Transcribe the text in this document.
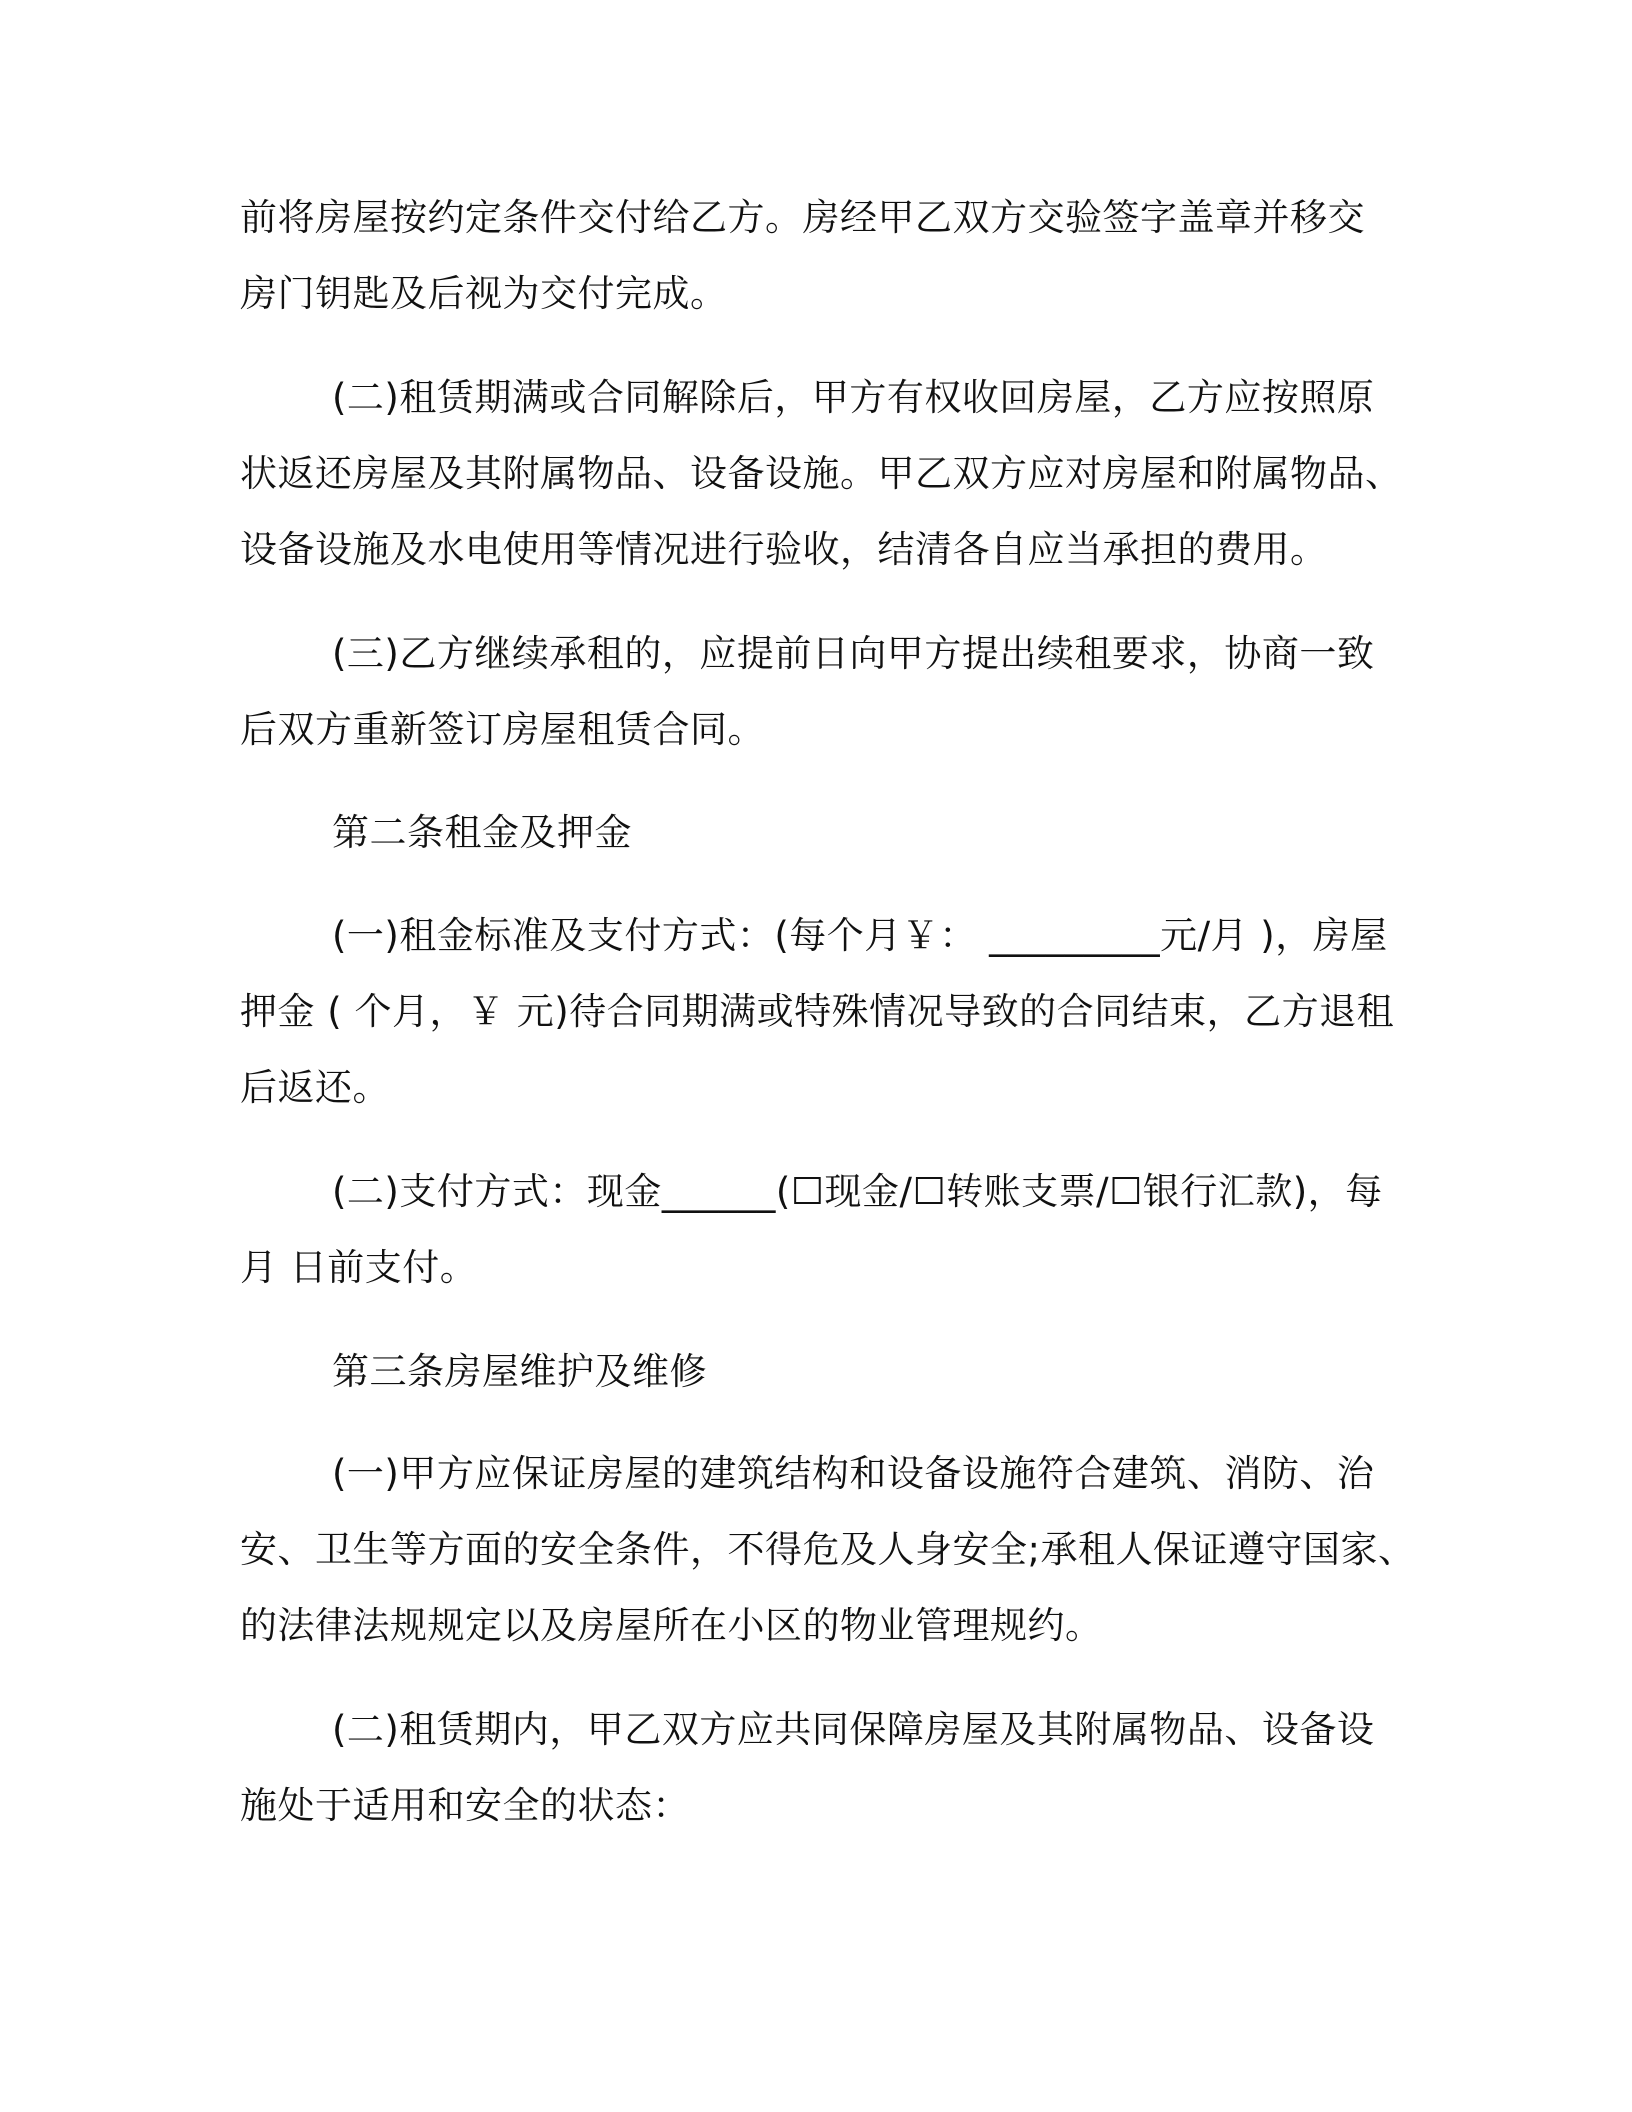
前将房屋按约定条件交付给乙方。房经甲乙双方交验签字盖章并移交
房门钥匙及后视为交付完成。
(二)租赁期满或合同解除后，甲方有权收回房屋，乙方应按照原
状返还房屋及其附属物品、设备设施。甲乙双方应对房屋和附属物品、
设备设施及水电使用等情况进行验收，结清各自应当承担的费用。
(三)乙方继续承租的，应提前日向甲方提出续租要求，协商一致
后双方重新签订房屋租赁合同。
第二条租金及押金
(一)租金标准及支付方式：(每个月￥： _________元/月 )，房屋
押金 ( 个月，￥ 元)待合同期满或特殊情况导致的合同结束，乙方退租
后返还。
(二)支付方式：现金______(☐现金/☐转账支票/☐银行汇款)，每
月 日前支付。
第三条房屋维护及维修
(一)甲方应保证房屋的建筑结构和设备设施符合建筑、消防、治
安、卫生等方面的安全条件，不得危及人身安全;承租人保证遵守国家、
的法律法规规定以及房屋所在小区的物业管理规约。
(二)租赁期内，甲乙双方应共同保障房屋及其附属物品、设备设
施处于适用和安全的状态：
